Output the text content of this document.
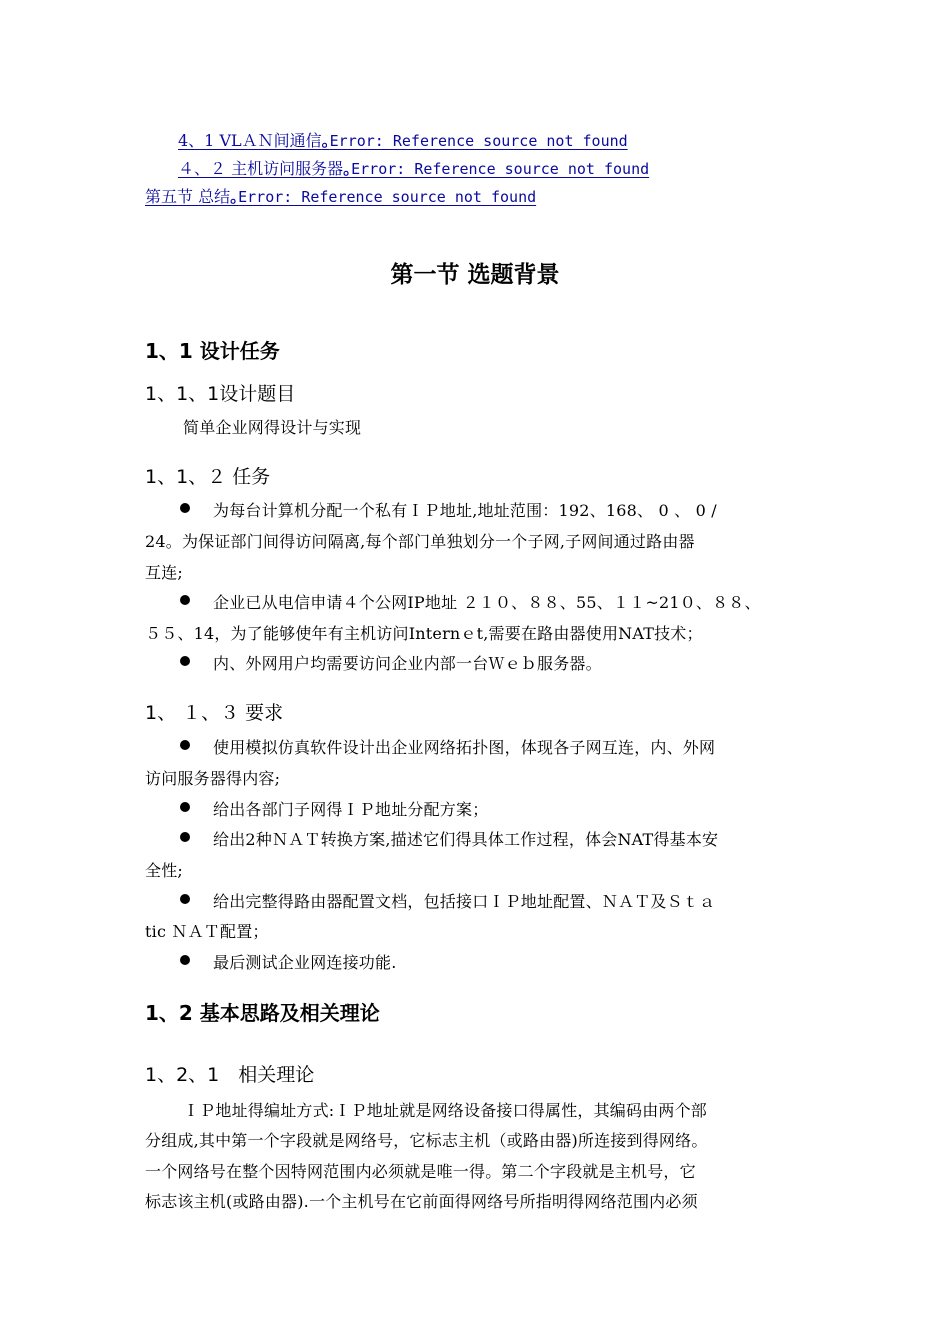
4、1 VLＡＮ间通信｡Error: Reference source not found
４、２ 主机访问服务器｡Error: Reference source not found
第五节 总结｡Error: Reference source not found
第一节 选题背景
1、1 设计任务
1、1、1设计题目
简单企业网得设计与实现
1、1、２ 任务
为每台计算机分配一个私有ＩＰ地址,地址范围：192、168、 0 、 0 /
24。为保证部门间得访问隔离,每个部门单独划分一个子网,子网间通过路由器
互连;
企业已从电信申请４个公网IP地址 ２１０、８８、55、１１~21０、８８、
５５、14，为了能够使年有主机访问Internｅt,需要在路由器使用NAT技术；
内、外网用户均需要访问企业内部一台Ｗｅｂ服务器。
1、 １、３ 要求
使用模拟仿真软件设计出企业网络拓扑图，体现各子网互连，内、外网
访问服务器得内容;
给出各部门子网得ＩＰ地址分配方案；
给出2种ＮＡＴ转换方案,描述它们得具体工作过程，体会NAT得基本安
全性;
给出完整得路由器配置文档，包括接口ＩＰ地址配置、ＮＡＴ及Ｓｔａ
tic ＮＡＴ配置；
最后测试企业网连接功能.
1、2 基本思路及相关理论
1、2、1　相关理论
ＩＰ地址得编址方式:ＩＰ地址就是网络设备接口得属性，其编码由两个部
分组成,其中第一个字段就是网络号，它标志主机（或路由器)所连接到得网络。
一个网络号在整个因特网范围内必须就是唯一得。第二个字段就是主机号，它
标志该主机(或路由器).一个主机号在它前面得网络号所指明得网络范围内必须
